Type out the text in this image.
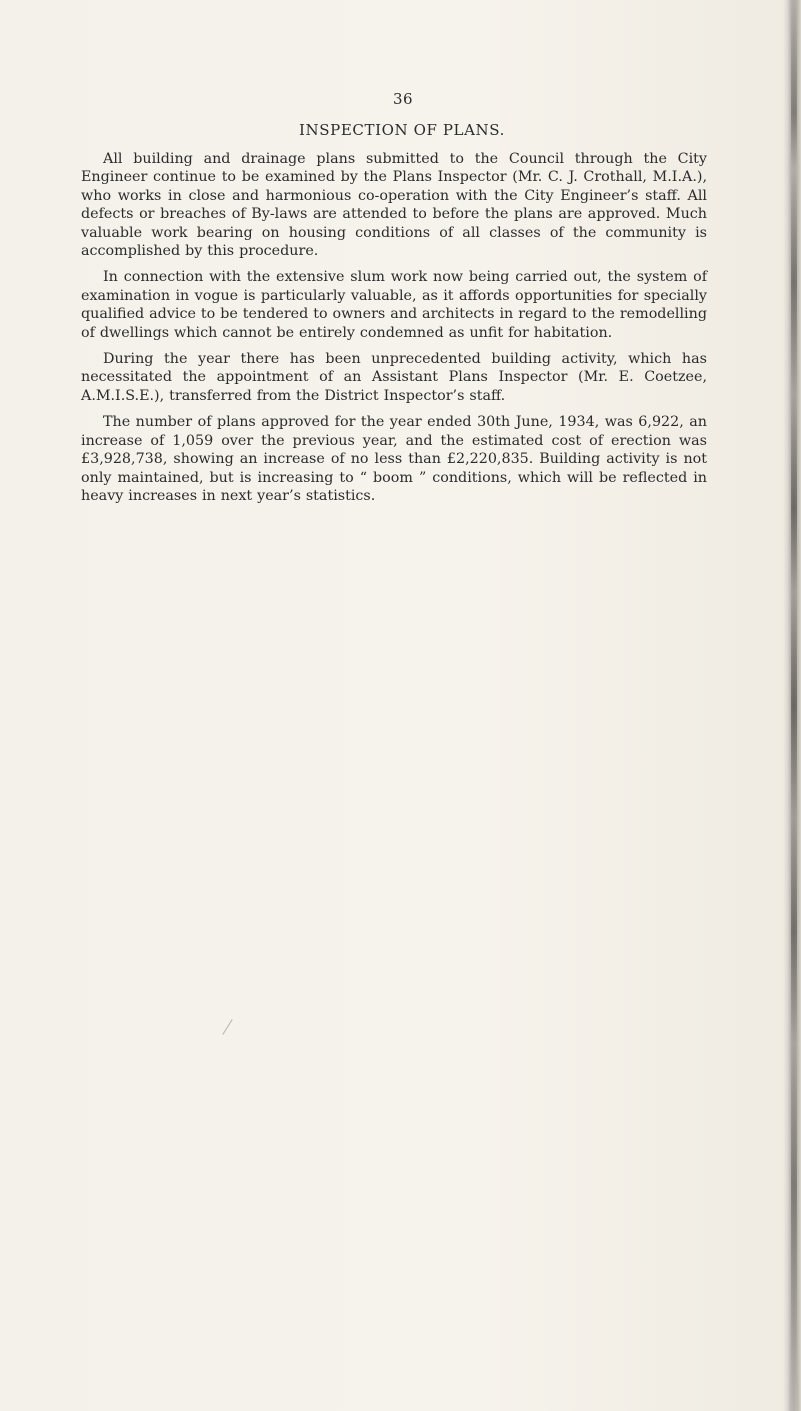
36
INSPECTION OF PLANS.

All building and drainage plans submitted to the Council through the City Engineer continue to be examined by the Plans Inspector (Mr. C. J. Crothall, M.I.A.), who works in close and harmonious co-operation with the City Engineer’s staff. All defects or breaches of By-laws are attended to before the plans are approved. Much valuable work bearing on housing conditions of all classes of the community is accomplished by this procedure.

In connection with the extensive slum work now being carried out, the system of examination in vogue is particularly valuable, as it affords opportunities for specially qualified advice to be tendered to owners and architects in regard to the remodelling of dwellings which cannot be entirely condemned as unfit for habitation.

During the year there has been unprecedented building activity, which has necessitated the appointment of an Assistant Plans Inspector (Mr. E. Coetzee, A.M.I.S.E.), transferred from the District Inspector’s staff.

The number of plans approved for the year ended 30th June, 1934, was 6,922, an increase of 1,059 over the previous year, and the estimated cost of erection was £3,928,738, showing an increase of no less than £2,220,835. Building activity is not only maintained, but is increasing to “ boom ” conditions, which will be reflected in heavy increases in next year’s statistics.
